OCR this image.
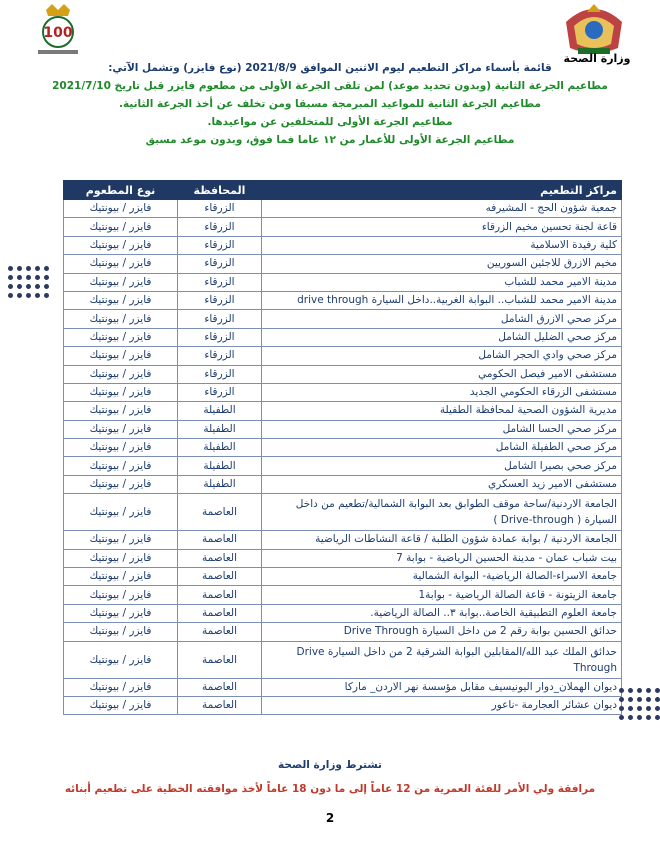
وزارة الصحة
100
قائمة بأسماء مراكز التطعيم ليوم الاثنين الموافق 2021/8/9 (نوع فايزر) وتشمل الآتي:
مطاعيم الجرعة الثانية (وبدون تحديد موعد) لمن تلقى الجرعة الأولى من مطعوم فايزر قبل تاريخ 2021/7/10
مطاعيم الجرعة الثانية للمواعيد المبرمجة مسبقا ومن تخلف عن أخذ الجرعة الثانية.
مطاعيم الجرعة الأولى للمتخلفين عن مواعيدها.
مطاعيم الجرعة الأولى للأعمار من ١٢ عاما فما فوق، وبدون موعد مسبق
مراكز التطعيم	المحافظة	نوع المطعوم
جمعية شؤون الحج - المشيرفه	الزرقاء	فايزر / بيونتيك
قاعة لجنة تحسين مخيم الزرقاء	الزرقاء	فايزر / بيونتيك
كلية رفيدة الاسلامية	الزرقاء	فايزر / بيونتيك
مخيم الازرق للاجئين السوريين	الزرقاء	فايزر / بيونتيك
مدينة الامير محمد للشباب	الزرقاء	فايزر / بيونتيك
مدينة الامير محمد للشباب.. البوابة الغربية..داخل السيارة drive through	الزرقاء	فايزر / بيونتيك
مركز صحي الازرق الشامل	الزرقاء	فايزر / بيونتيك
مركز صحي الضليل الشامل	الزرقاء	فايزر / بيونتيك
مركز صحي وادي الحجر الشامل	الزرقاء	فايزر / بيونتيك
مستشفى الامير فيصل الحكومي	الزرقاء	فايزر / بيونتيك
مستشفى الزرقاء الحكومي الجديد	الزرقاء	فايزر / بيونتيك
مديرية الشؤون الصحية لمحافظة الطفيلة	الطفيلة	فايزر / بيونتيك
مركز صحي الحسا الشامل	الطفيلة	فايزر / بيونتيك
مركز صحي الطفيلة الشامل	الطفيلة	فايزر / بيونتيك
مركز صحي بصيرا الشامل	الطفيلة	فايزر / بيونتيك
مستشفى الامير زيد العسكري	الطفيلة	فايزر / بيونتيك
الجامعة الاردنية/ساحة موقف الطوابق بعد البوابة الشمالية/تطعيم من داخل السيارة ( Drive-through )	العاصمة	فايزر / بيونتيك
الجامعة الاردنية / بوابة عمادة شؤون الطلبة / قاعة النشاطات الرياضية	العاصمة	فايزر / بيونتيك
بيت شباب عمان - مدينة الحسين الرياضية - بوابة 7	العاصمة	فايزر / بيونتيك
جامعة الاسراء-الصالة الرياضية- البوابة الشمالية	العاصمة	فايزر / بيونتيك
جامعة الزيتونة - قاعة الصالة الرياضية - بوابة1	العاصمة	فايزر / بيونتيك
جامعة العلوم التطبيقية الخاصة..بوابة ٣.. الصالة الرياضية.	العاصمة	فايزر / بيونتيك
حدائق الحسين بوابة رقم 2 من داخل السيارة Drive Through	العاصمة	فايزر / بيونتيك
حدائق الملك عبد الله/المقابلين البوابة الشرقية 2 من داخل السيارة Drive Through	العاصمة	فايزر / بيونتيك
ديوان الهملان_دوار اليونيسيف مقابل مؤسسة نهر الاردن_ ماركا	العاصمة	فايزر / بيونتيك
ديوان عشائر العجارمة -ناعور	العاصمة	فايزر / بيونتيك
تشترط وزارة الصحة
مرافقة ولي الأمر للفئة العمرية من 12 عاماً إلى ما دون 18 عاماً لأخذ موافقته الخطية على تطعيم أبنائه
2
